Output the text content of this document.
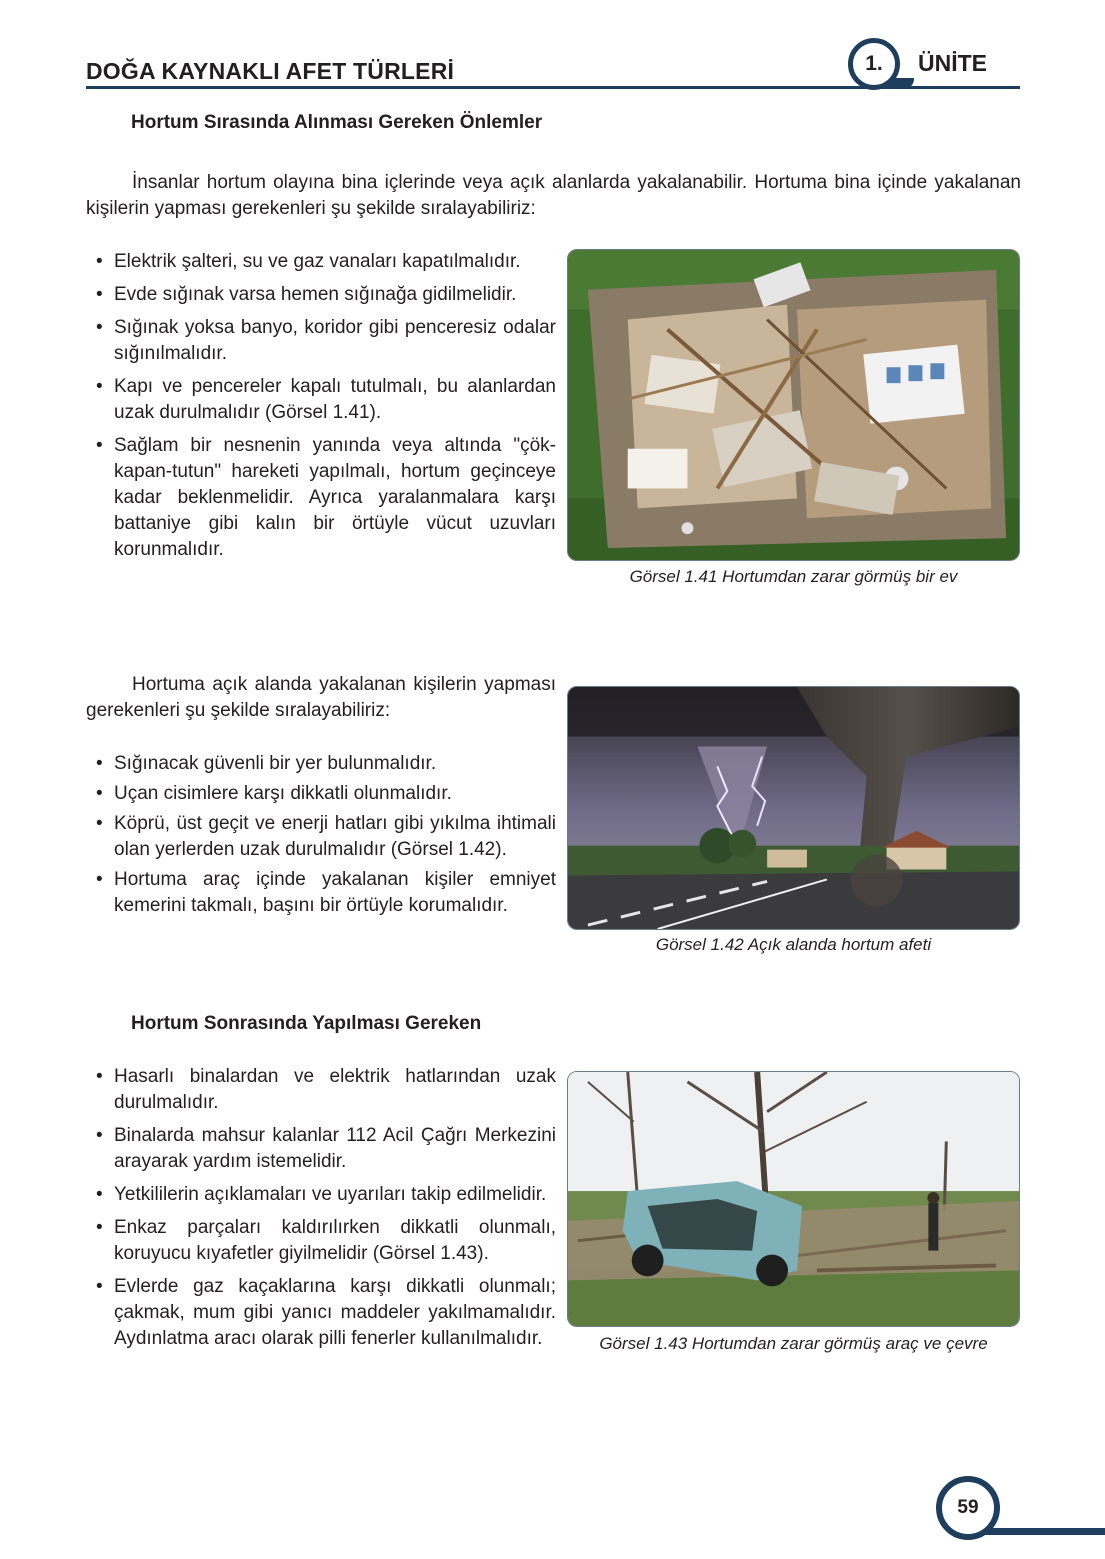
DOĞA KAYNAKLI AFET TÜRLERİ	1. ÜNİTE
Hortum Sırasında Alınması Gereken Önlemler
İnsanlar hortum olayına bina içlerinde veya açık alanlarda yakalanabilir. Hortuma bina içinde yakalanan kişilerin yapması gerekenleri şu şekilde sıralayabiliriz:
• Elektrik şalteri, su ve gaz vanaları kapatılmalıdır.
• Evde sığınak varsa hemen sığınağa gidilmelidir.
• Sığınak yoksa banyo, koridor gibi penceresiz odalar sığınılmalıdır.
• Kapı ve pencereler kapalı tutulmalı, bu alanlardan uzak durulmalıdır (Görsel 1.41).
• Sağlam bir nesnenin yanında veya altında "çök-kapan-tutun" hareketi yapılmalı, hortum geçinceye kadar beklenmelidir. Ayrıca yaralanmalara karşı battaniye gibi kalın bir örtüyle vücut uzuvları korunmalıdır.
Görsel 1.41 Hortumdan zarar görmüş bir ev
Hortuma açık alanda yakalanan kişilerin yapması gerekenleri şu şekilde sıralayabiliriz:
• Sığınacak güvenli bir yer bulunmalıdır.
• Uçan cisimlere karşı dikkatli olunmalıdır.
• Köprü, üst geçit ve enerji hatları gibi yıkılma ihtimali olan yerlerden uzak durulmalıdır (Görsel 1.42).
• Hortuma araç içinde yakalanan kişiler emniyet kemerini takmalı, başını bir örtüyle korumalıdır.
Görsel 1.42 Açık alanda hortum afeti
Hortum Sonrasında Yapılması Gereken
• Hasarlı binalardan ve elektrik hatlarından uzak durulmalıdır.
• Binalarda mahsur kalanlar 112 Acil Çağrı Merkezini arayarak yardım istemelidir.
• Yetkililerin açıklamaları ve uyarıları takip edilmelidir.
• Enkaz parçaları kaldırılırken dikkatli olunmalı, koruyucu kıyafetler giyilmelidir (Görsel 1.43).
• Evlerde gaz kaçaklarına karşı dikkatli olunmalı; çakmak, mum gibi yanıcı maddeler yakılmamalıdır. Aydınlatma aracı olarak pilli fenerler kullanılmalıdır.	Görsel 1.43 Hortumdan zarar görmüş araç ve çevre
59
